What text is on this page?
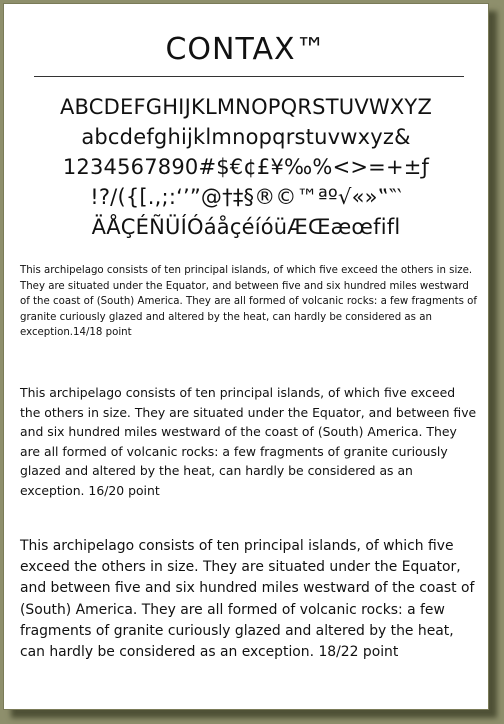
CONTAX™
ABCDEFGHIJKLMNOPQRSTUVWXYZ
abcdefghijklmnopqrstuvwxyz&
1234567890#$€¢£¥‰%<>=+±ƒ
!?/({[.,;:‘’”@†‡§®©™ªº√«»‟‶‵
ÄÅÇÉÑÜÍÓáåçéíóüÆŒæœfifl

This archipelago consists of ten principal islands, of which five exceed the others in size. They are situated under the Equator, and between five and six hundred miles westward of the coast of (South) America. They are all formed of volcanic rocks: a few fragments of granite curiously glazed and altered by the heat, can hardly be considered as an exception.14/18 point

This archipelago consists of ten principal islands, of which five exceed the others in size. They are situated under the Equator, and between five and six hundred miles westward of the coast of (South) America. They are all formed of volcanic rocks: a few fragments of granite curiously glazed and altered by the heat, can hardly be considered as an exception. 16/20 point

This archipelago consists of ten principal islands, of which five exceed the others in size. They are situated under the Equator, and between five and six hundred miles westward of the coast of (South) America. They are all formed of volcanic rocks: a few fragments of granite curiously glazed and altered by the heat, can hardly be considered as an exception. 18/22 point
